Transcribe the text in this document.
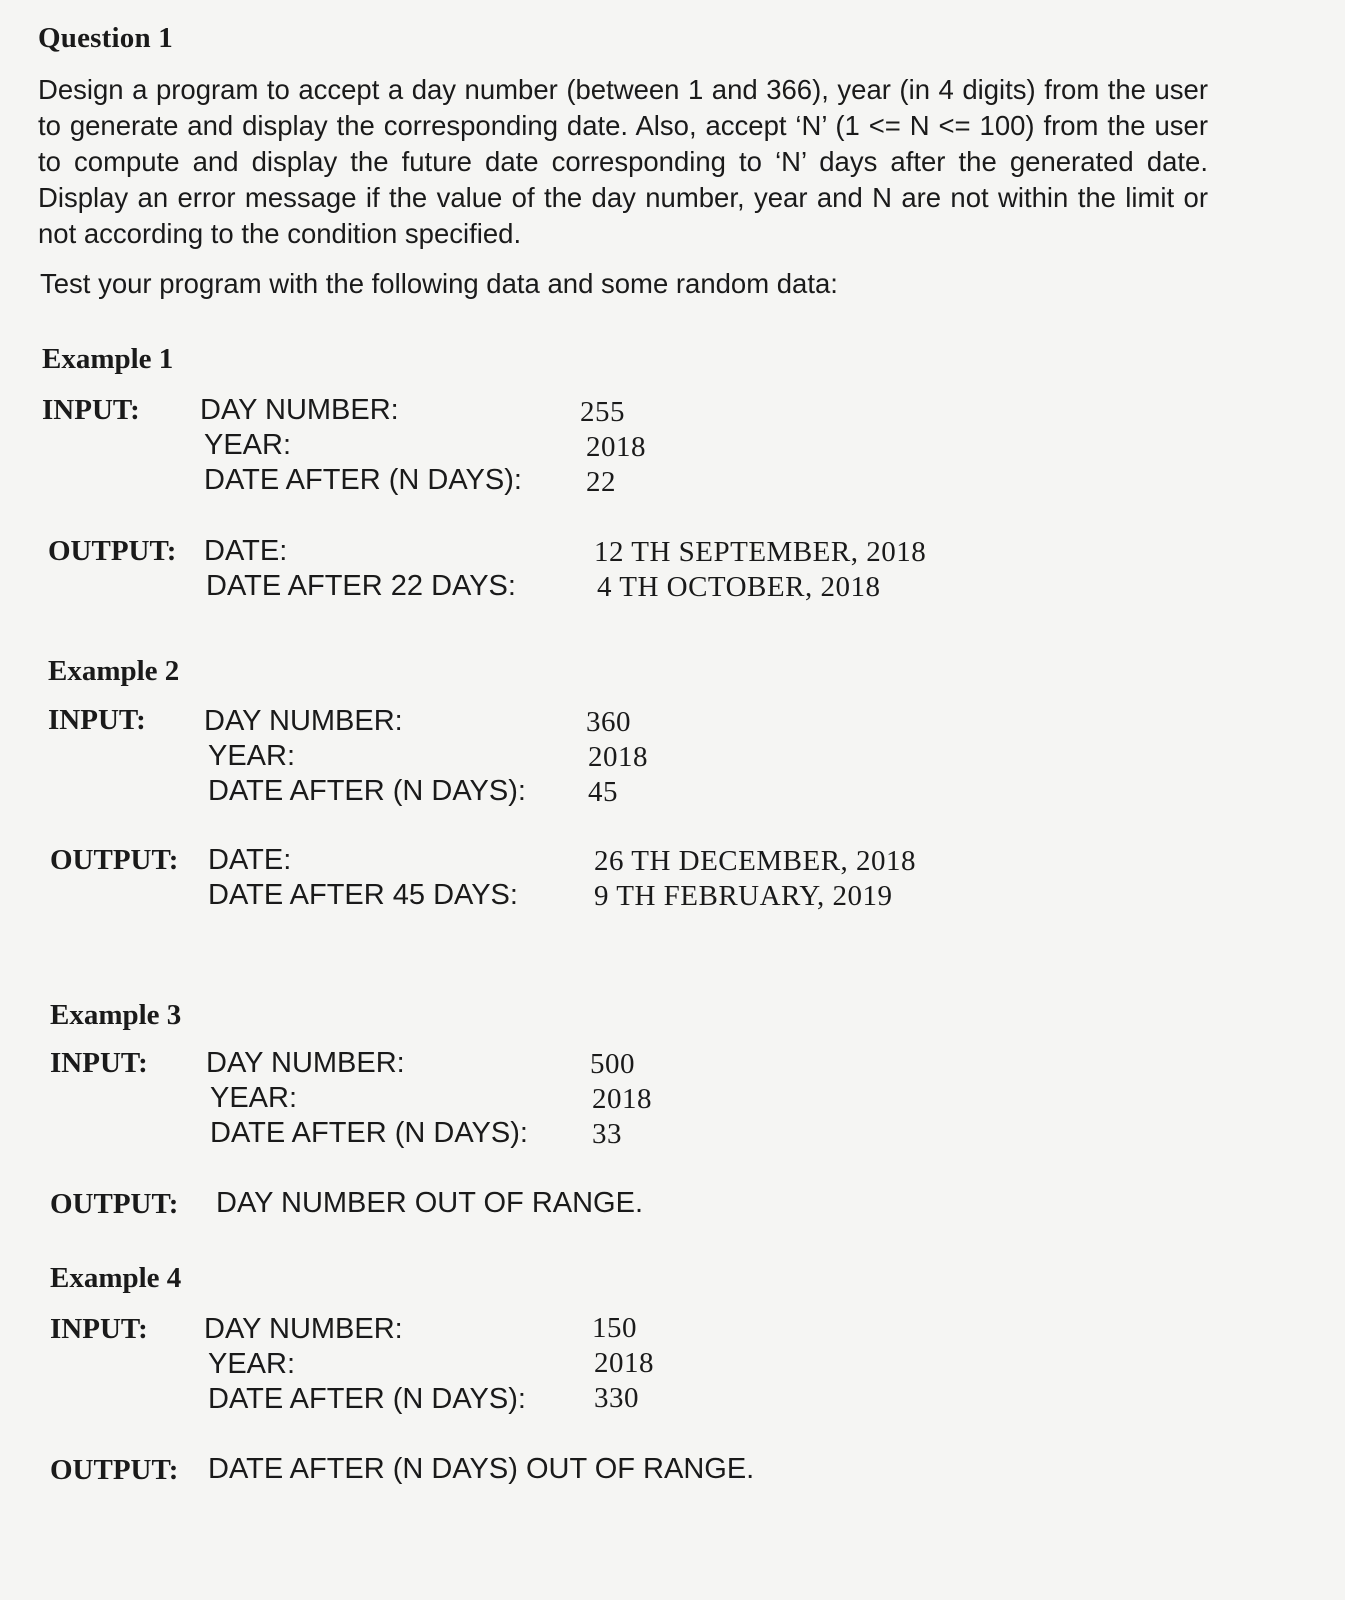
Question 1
Design a program to accept a day number (between 1 and 366), year (in 4 digits) from the user to generate and display the corresponding date. Also, accept ‘N’ (1 <= N <= 100) from the user to compute and display the future date corresponding to ‘N’ days after the generated date. Display an error message if the value of the day number, year and N are not within the limit or not according to the condition specified.
Test your program with the following data and some random data:
Example 1
INPUT: DAY NUMBER:	255
YEAR:	2018
DATE AFTER (N DAYS): 22
OUTPUT: DATE:	12 TH SEPTEMBER, 2018
DATE AFTER 22 DAYS:	4 TH OCTOBER, 2018
Example 2
INPUT: DAY NUMBER:	360
YEAR:	2018
DATE AFTER (N DAYS): 45
OUTPUT: DATE:	26 TH DECEMBER, 2018
DATE AFTER 45 DAYS:	9 TH FEBRUARY, 2019
Example 3
INPUT: DAY NUMBER:	500
YEAR:	2018
DATE AFTER (N DAYS): 33
OUTPUT: DAY NUMBER OUT OF RANGE.
Example 4
INPUT: DAY NUMBER:	150
YEAR:	2018
DATE AFTER (N DAYS): 330
OUTPUT: DATE AFTER (N DAYS) OUT OF RANGE.
